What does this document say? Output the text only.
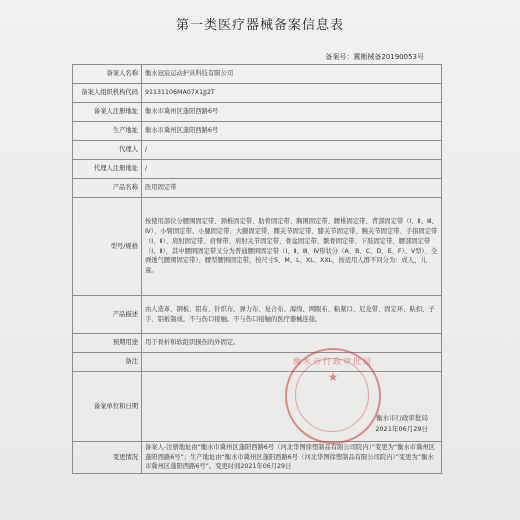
第一类医疗器械备案信息表
备案号：冀衡械备20190053号
备案人名称	衡水冠宸运动护具科技有限公司
备案人组织机构代码	91131106MA07X1JJ2T
备案人注册地址	衡水市冀州区蓬阳西路6号
生产地址	衡水市冀州区蓬阳西路6号
代理人	/
代理人注册地址	/
产品名称	医用固定带
型号/规格	按使用部位分腰围固定带、颈椎固定带、肋骨固定带、胸围固定带、腰椎固定带、背部固定带（Ⅰ、Ⅱ、Ⅲ、Ⅳ）、小臂固定带、小腿固定带、大腿固定带、踝关节固定带、膝关节固定带、腕关节固定带、手指固定带（Ⅰ、Ⅱ）、肩肘固定带、肩臂带、肩肘关节固定带、骨盆固定带、髌骨固定带、下肢固定带、腰部固定带（Ⅰ、Ⅱ），其中腰围固定带又分为普通腰围固定带（Ⅰ、Ⅱ、Ⅲ、Ⅳ形状分（A、B、C、D、E、F）、V型）、全弹透气腰围固定带）、腰型腰围固定带，按尺寸S、M、L、XL、XXL，按适用人群不同分为：成人、儿童。
产品描述	由人造革、钢板、铝布、针织布、弹力布、复合布、海绵、网眼布、粘紧口、尼龙带、固定环、粘扣、子手、铝板制成。不与伤口接触。不与伤口接触的医疗器械连接。
预期用途	用于骨折和软组织损伤的外固定。
备注	
备案单位和日期	衡水市行政审批局
2021年06月29日

变更情况	备案人-注册地址由“衡水市冀州区蓬阳西路6号（河北华图徐塑制品有限公司院内）”变更为“衡水市冀州区蓬阳西路6号”；生产地址由“衡水市冀州区蓬阳西路6号（河北华图徐塑制品有限公司院内）”变更为“衡水市冀州区蓬阳西路6号”。变更时间2021年06月29日
衡水市行政审批局
★
